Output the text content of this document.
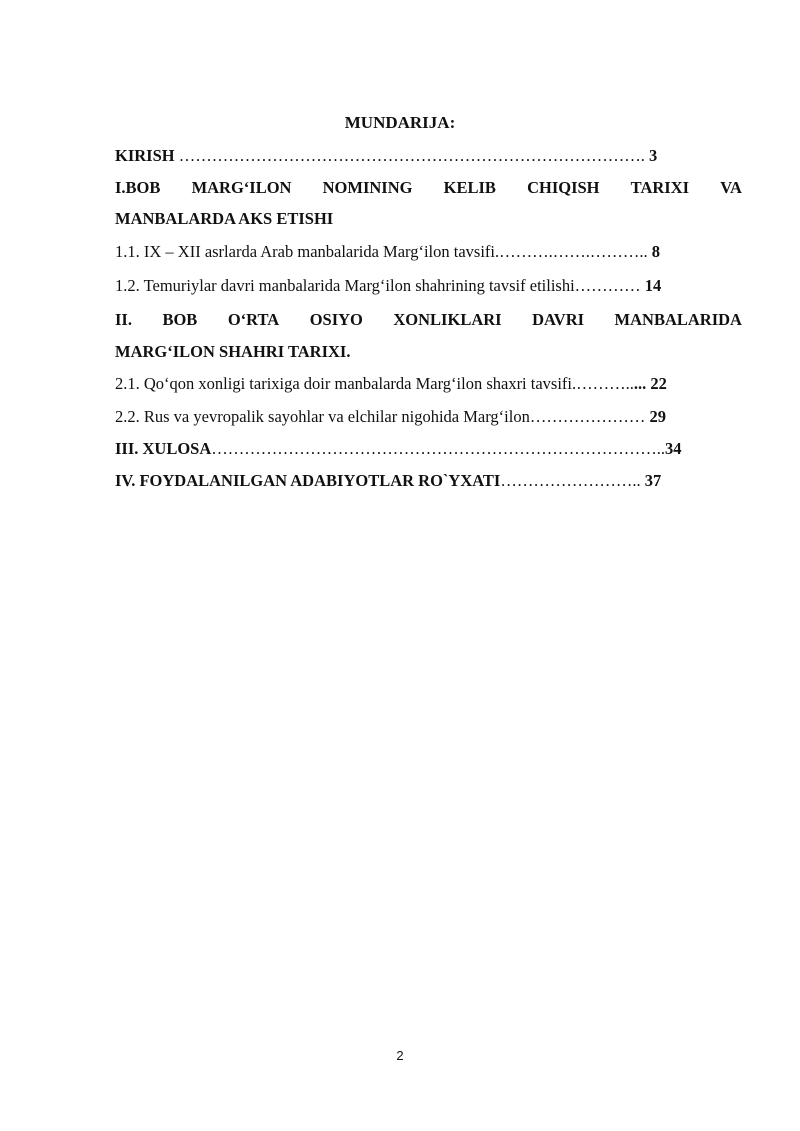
MUNDARIJA:
KIRISH …………………………………………………………………………. 3
I.BOB MARG‘ILON NOMINING KELIB CHIQISH TARIXI VA
MANBALARDA AKS ETISHI
1.1. IX – XII asrlarda Arab manbalarida Marg‘ilon tavsifi.……….…….……….. 8
1.2. Temuriylar davri manbalarida Marg‘ilon shahrining tavsif etilishi………… 14
II. BOB O‘RTA OSIYO XONLIKLARI DAVRI MANBALARIDA
MARG‘ILON SHAHRI TARIXI.
2.1. Qo‘qon xonligi tarixiga doir manbalarda Marg‘ilon shaxri tavsifi.………..... 22
2.2. Rus va yevropalik sayohlar va elchilar nigohida Marg‘ilon………………… 29
III. XULOSA………………………………………………………………………..34
IV. FOYDALANILGAN ADABIYOTLAR RO`YXATI…………………….. 37
2
